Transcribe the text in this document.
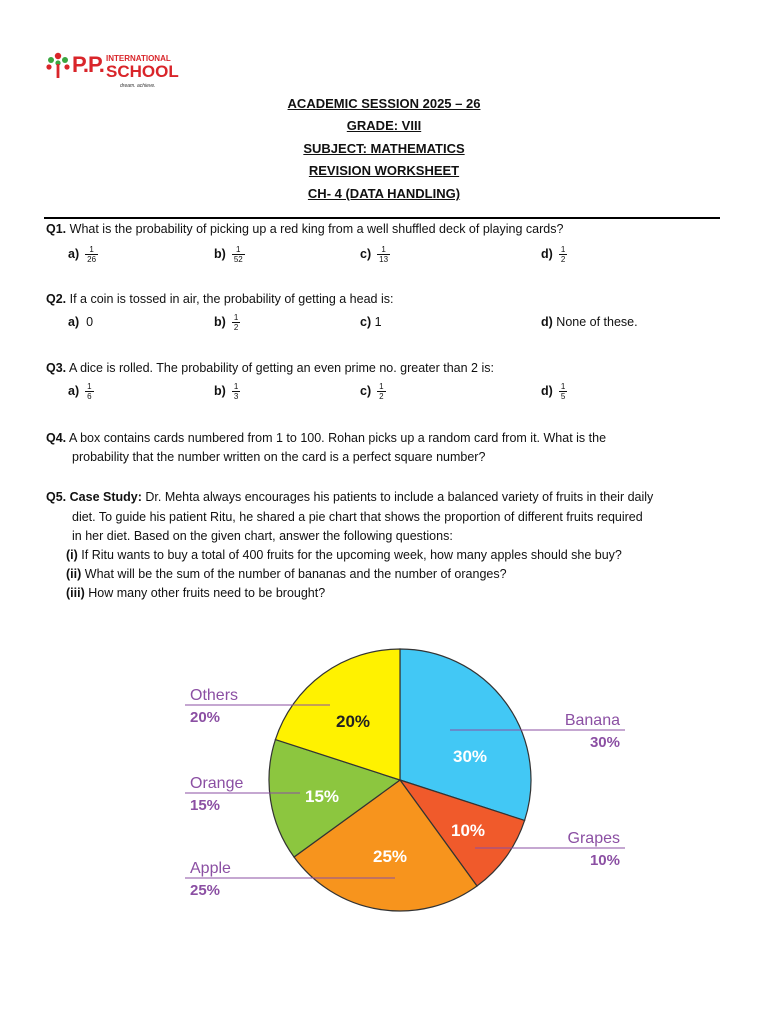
P.P. INTERNATIONAL
SCHOOL
dream. achieve.
ACADEMIC SESSION 2025 – 26
GRADE: VIII
SUBJECT: MATHEMATICS
REVISION WORKSHEET
CH- 4 (DATA HANDLING)
Q1. What is the probability of picking up a red king from a well shuffled deck of playing cards?
$a) \frac{1}{26}$	$b) \frac{1}{52}$	$c) \frac{1}{13}$	$d) \frac{1}{2}$
Q2. If a coin is tossed in air, the probability of getting a head is:
a) 0	$b) \frac{1}{2}$	c) 1	d) None of these.
Q3. A dice is rolled. The probability of getting an even prime no. greater than 2 is:
$a) \frac{1}{6}$	$b) \frac{1}{3}$	$c) \frac{1}{2}$	$d) \frac{1}{5}$
Q4. A box contains cards numbered from 1 to 100. Rohan picks up a random card from it. What is the
probability that the number written on the card is a perfect square number?
Q5. Case Study: Dr. Mehta always encourages his patients to include a balanced variety of fruits in their daily
diet. To guide his patient Ritu, he shared a pie chart that shows the proportion of different fruits required
in her diet. Based on the given chart, answer the following questions:
(i) If Ritu wants to buy a total of 400 fruits for the upcoming week, how many apples should she buy?
(ii) What will be the sum of the number of bananas and the number of oranges?
(iii) How many other fruits need to be brought?
Banana
30%
30%
Grapes
10%
10%
Apple
25%
25%
Orange
15%	15%
Others
20%	20%
